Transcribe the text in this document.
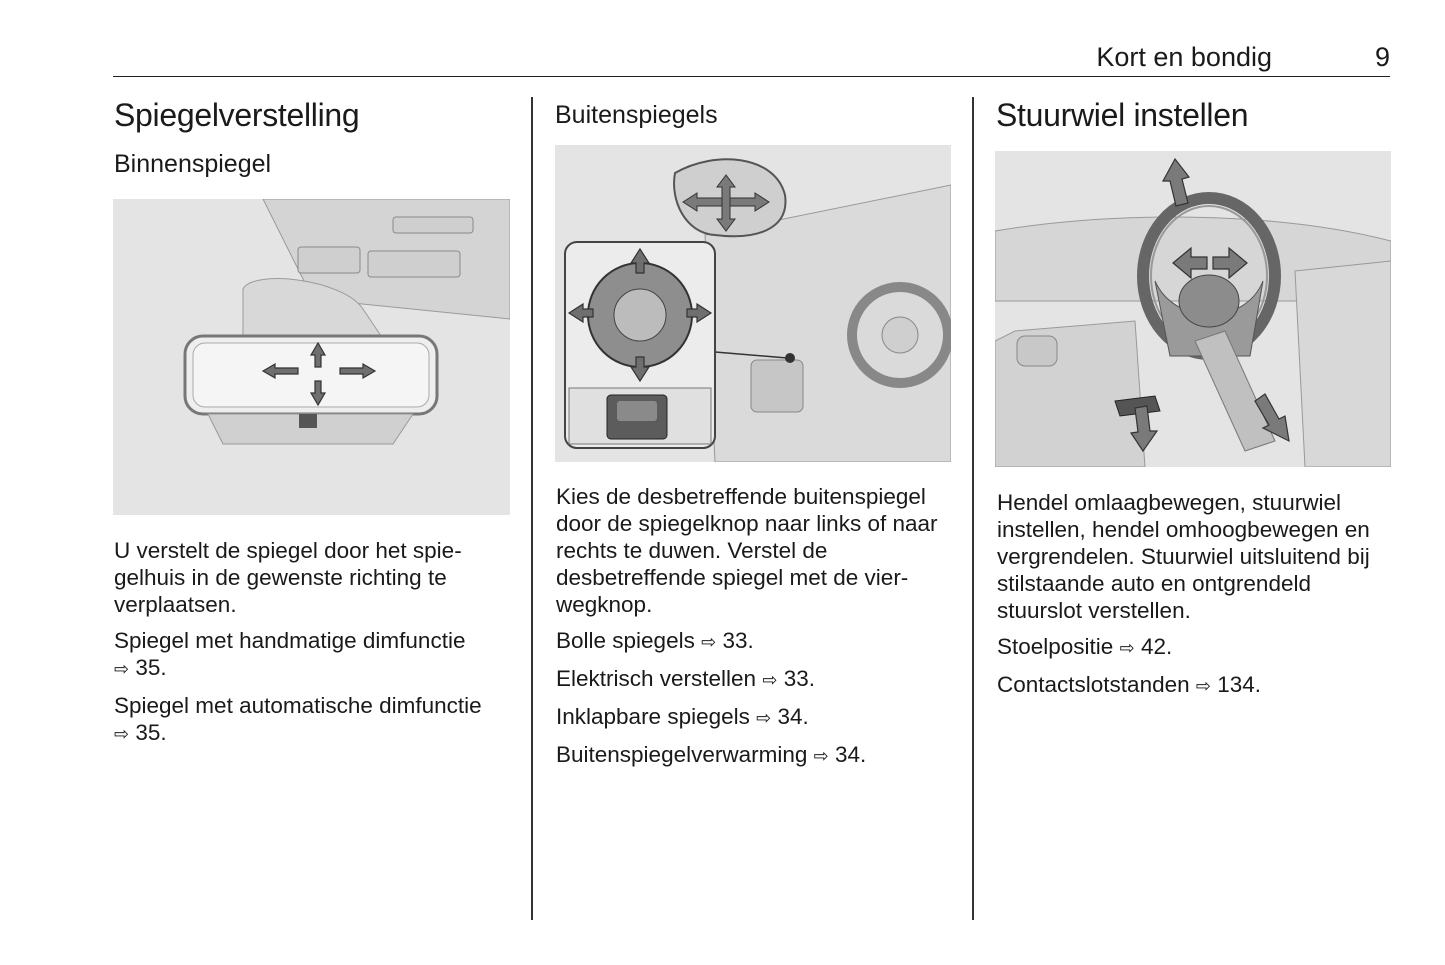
Kort en bondig	9
Spiegelverstelling
Binnenspiegel

U verstelt de spiegel door het spie-gelhuis in de gewenste richting te verplaatsen.

Spiegel met handmatige dimfunctie
⇨ 35.

Spiegel met automatische dimfunctie
⇨ 35.

Buitenspiegels

Kies de desbetreffende buitenspiegel door de spiegelknop naar links of naar rechts te duwen. Verstel de desbetreffende spiegel met de vier-wegknop.

Bolle spiegels ⇨ 33.

Elektrisch verstellen ⇨ 33.

Inklapbare spiegels ⇨ 34.

Buitenspiegelverwarming ⇨ 34.

Stuurwiel instellen

Hendel omlaagbewegen, stuurwiel instellen, hendel omhoogbewegen en vergrendelen. Stuurwiel uitsluitend bij stilstaande auto en ontgrendeld stuurslot verstellen.

Stoelpositie ⇨ 42.

Contactslotstanden ⇨ 134.
